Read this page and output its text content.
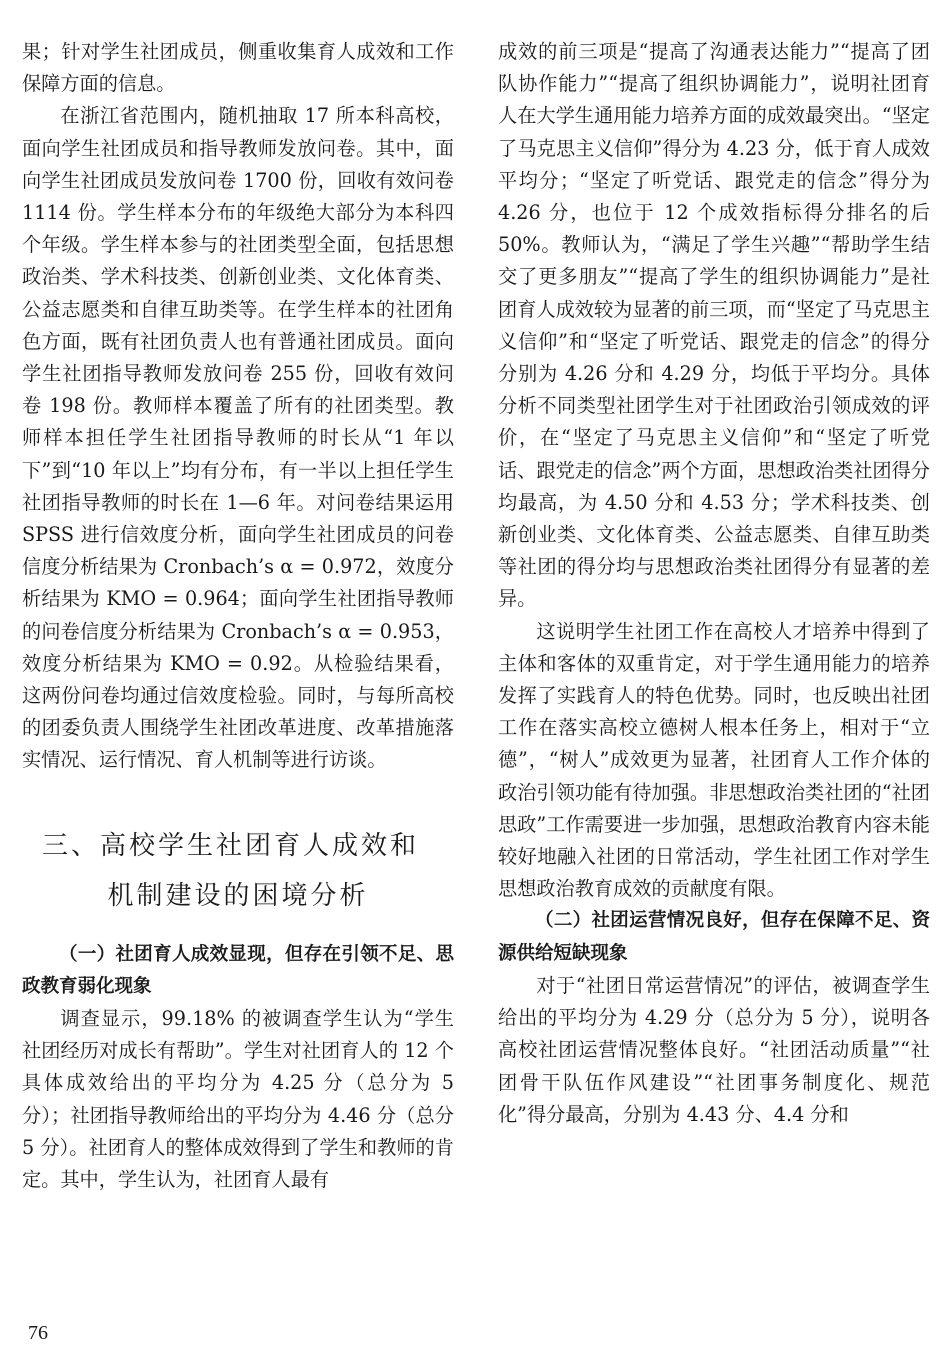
果；针对学生社团成员，侧重收集育人成效和工作保障方面的信息。

在浙江省范围内，随机抽取 17 所本科高校，面向学生社团成员和指导教师发放问卷。其中，面向学生社团成员发放问卷 1700 份，回收有效问卷 1114 份。学生样本分布的年级绝大部分为本科四个年级。学生样本参与的社团类型全面，包括思想政治类、学术科技类、创新创业类、文化体育类、公益志愿类和自律互助类等。在学生样本的社团角色方面，既有社团负责人也有普通社团成员。面向学生社团指导教师发放问卷 255 份，回收有效问卷 198 份。教师样本覆盖了所有的社团类型。教师样本担任学生社团指导教师的时长从“1 年以下”到“10 年以上”均有分布，有一半以上担任学生社团指导教师的时长在 1—6 年。对问卷结果运用 SPSS 进行信效度分析，面向学生社团成员的问卷信度分析结果为 Cronbach’s α = 0.972，效度分析结果为 KMO = 0.964；面向学生社团指导教师的问卷信度分析结果为 Cronbach’s α = 0.953，效度分析结果为 KMO = 0.92。从检验结果看，这两份问卷均通过信效度检验。同时，与每所高校的团委负责人围绕学生社团改革进度、改革措施落实情况、运行情况、育人机制等进行访谈。

三、高校学生社团育人成效和
机制建设的困境分析

（一）社团育人成效显现，但存在引领不足、思政教育弱化现象

调查显示，99.18% 的被调查学生认为“学生社团经历对成长有帮助”。学生对社团育人的 12 个具体成效给出的平均分为 4.25 分（总分为 5 分）；社团指导教师给出的平均分为 4.46 分（总分 5 分）。社团育人的整体成效得到了学生和教师的肯定。其中，学生认为，社团育人最有

成效的前三项是“提高了沟通表达能力”“提高了团队协作能力”“提高了组织协调能力”，说明社团育人在大学生通用能力培养方面的成效最突出。“坚定了马克思主义信仰”得分为 4.23 分，低于育人成效平均分；“坚定了听党话、跟党走的信念”得分为 4.26 分，也位于 12 个成效指标得分排名的后 50%。教师认为，“满足了学生兴趣”“帮助学生结交了更多朋友”“提高了学生的组织协调能力”是社团育人成效较为显著的前三项，而“坚定了马克思主义信仰”和“坚定了听党话、跟党走的信念”的得分分别为 4.26 分和 4.29 分，均低于平均分。具体分析不同类型社团学生对于社团政治引领成效的评价，在“坚定了马克思主义信仰”和“坚定了听党话、跟党走的信念”两个方面，思想政治类社团得分均最高，为 4.50 分和 4.53 分；学术科技类、创新创业类、文化体育类、公益志愿类、自律互助类等社团的得分均与思想政治类社团得分有显著的差异。

这说明学生社团工作在高校人才培养中得到了主体和客体的双重肯定，对于学生通用能力的培养发挥了实践育人的特色优势。同时，也反映出社团工作在落实高校立德树人根本任务上，相对于“立德”，“树人”成效更为显著，社团育人工作介体的政治引领功能有待加强。非思想政治类社团的“社团思政”工作需要进一步加强，思想政治教育内容未能较好地融入社团的日常活动，学生社团工作对学生思想政治教育成效的贡献度有限。

（二）社团运营情况良好，但存在保障不足、资源供给短缺现象

对于“社团日常运营情况”的评估，被调查学生给出的平均分为 4.29 分（总分为 5 分），说明各高校社团运营情况整体良好。“社团活动质量”“社团骨干队伍作风建设”“社团事务制度化、规范化”得分最高，分别为 4.43 分、4.4 分和

76
